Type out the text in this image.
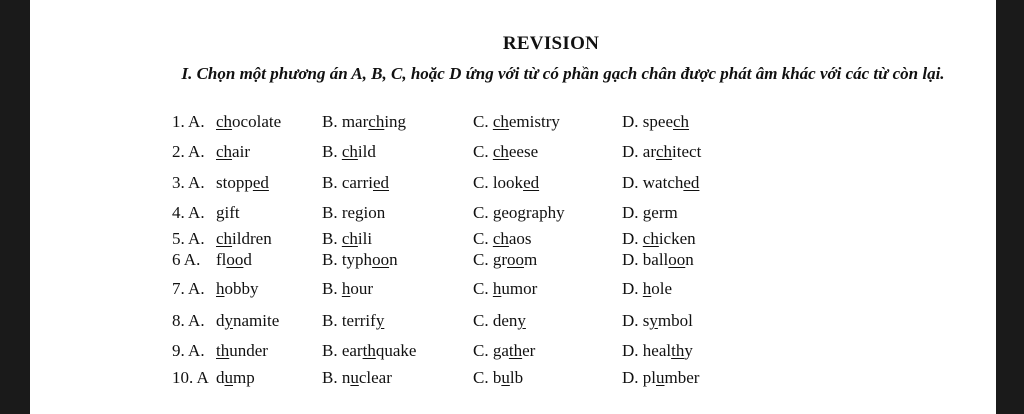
REVISION
I. Chọn một phương án A, B, C, hoặc D ứng với từ có phần gạch chân được phát âm khác với các từ còn lại.
1. A. chocolate B. marching	C. chemistry	D. speech
2. A. chair	B. child	C. cheese	D. architect
3. A. stopped	B. carried	C. looked	D. watched
4. A. gift	B. region	C. geography	D. germ
5. A. children	B. chili	C. chaos	D. chicken
6 A. flood	B. typhoon	C. groom	D. balloon
7. A. hobby	B. hour	C. humor	D. hole
8. A. dynamite	B. terrify	C. deny	D. symbol
9. A. thunder	B. earthquake	C. gather	D. healthy
10. A dump	B. nuclear	C. bulb	D. plumber
